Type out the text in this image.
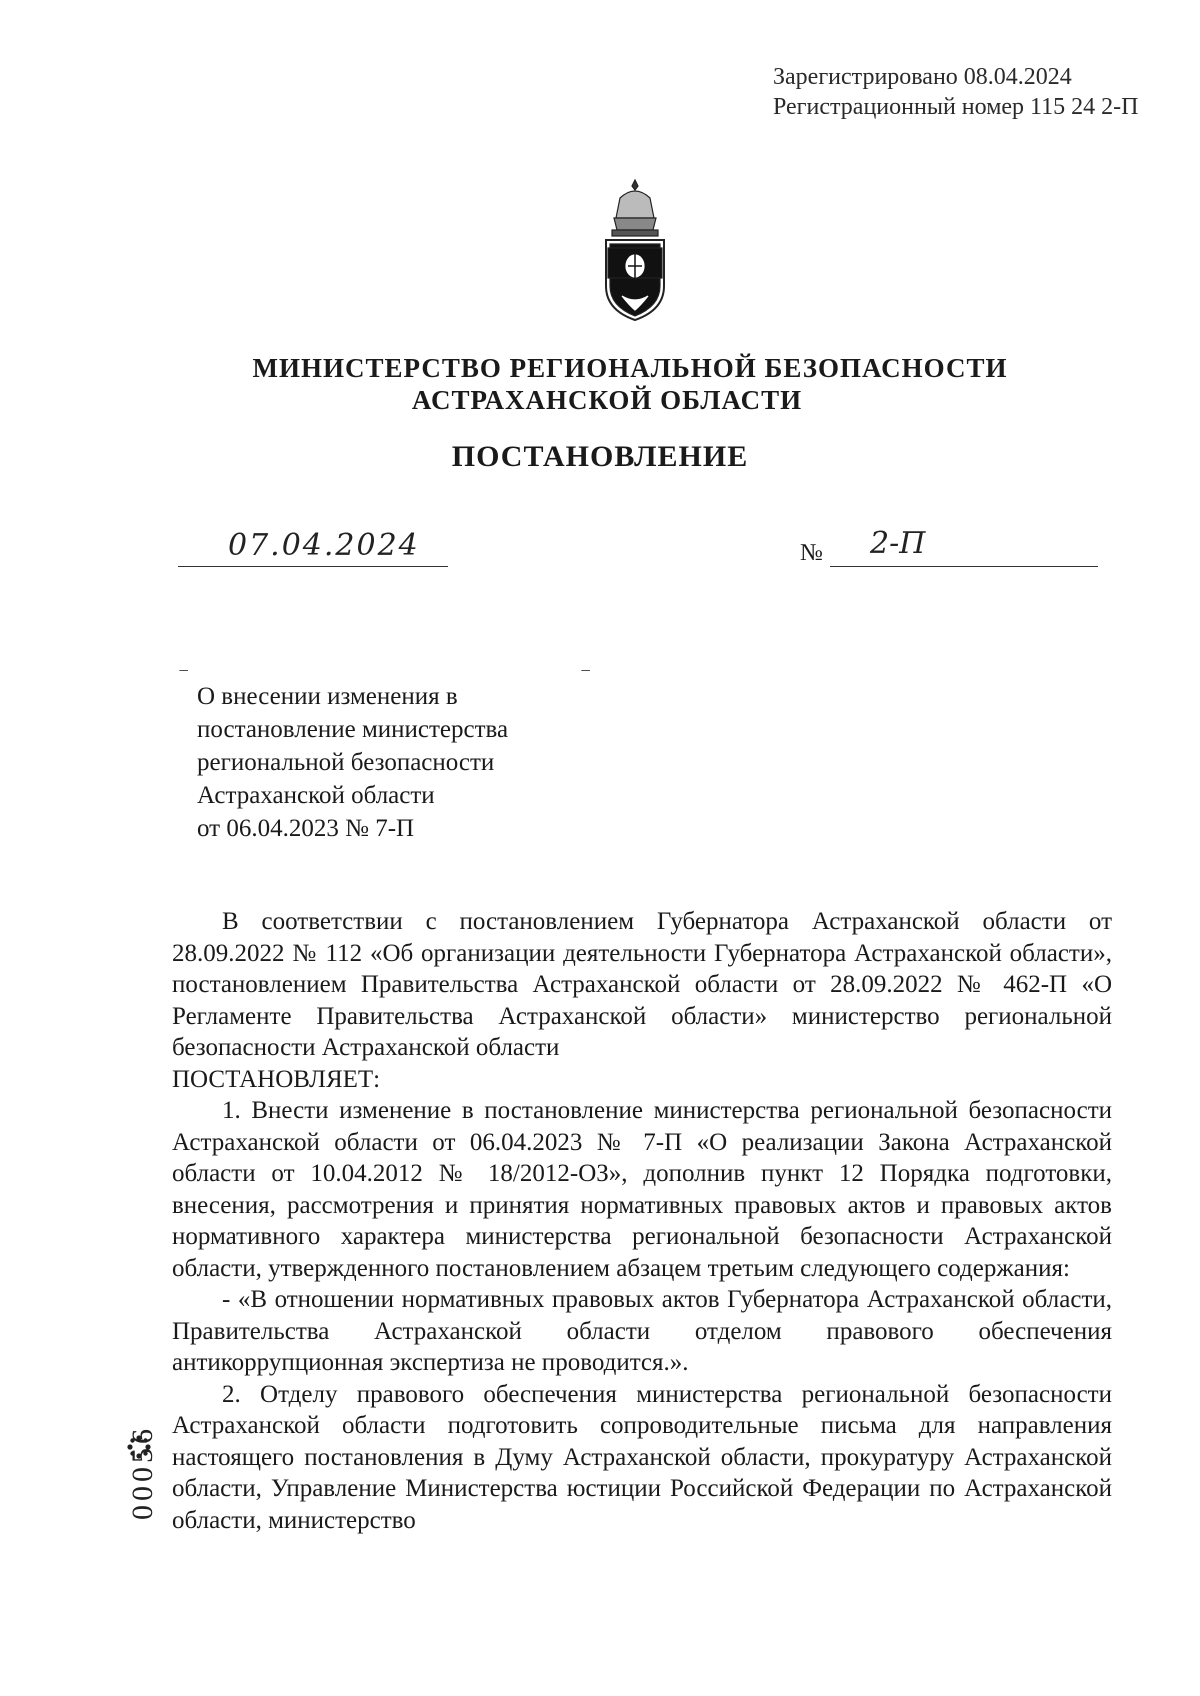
Зарегистрировано 08.04.2024
Регистрационный номер 115 24 2-П
МИНИСТЕРСТВО РЕГИОНАЛЬНОЙ БЕЗОПАСНОСТИ
АСТРАХАНСКОЙ ОБЛАСТИ
ПОСТАНОВЛЕНИЕ
07.04.2024	№ 2-П
‾	‾
О внесении изменения в
постановление министерства
региональной безопасности
Астраханской области
от 06.04.2023 № 7-П

В соответствии с постановлением Губернатора Астраханской области от 28.09.2022 № 112 «Об организации деятельности Губернатора Астраханской области», постановлением Правительства Астраханской области от 28.09.2022 № 462-П «О Регламенте Правительства Астраханской области» министерство региональной безопасности Астраханской области

ПОСТАНОВЛЯЕТ:

1. Внести изменение в постановление министерства региональной безопасности Астраханской области от 06.04.2023 № 7-П «О реализации Закона Астраханской области от 10.04.2012 № 18/2012-ОЗ», дополнив пункт 12 Порядка подготовки, внесения, рассмотрения и принятия нормативных правовых актов и правовых актов нормативного характера министерства региональной безопасности Астраханской области, утвержденного постановлением абзацем третьим следующего содержания:

- «В отношении нормативных правовых актов Губернатора Астраханской области, Правительства Астраханской области отделом правового обеспечения антикоррупционная экспертиза не проводится.».

2. Отделу правового обеспечения министерства региональной безопасности Астраханской области подготовить сопроводительные письма для направления настоящего постановления в Думу Астраханской области, прокуратуру Астраханской области, Управление Министерства юстиции Российской Федерации по Астраханской области, министерство

00056
